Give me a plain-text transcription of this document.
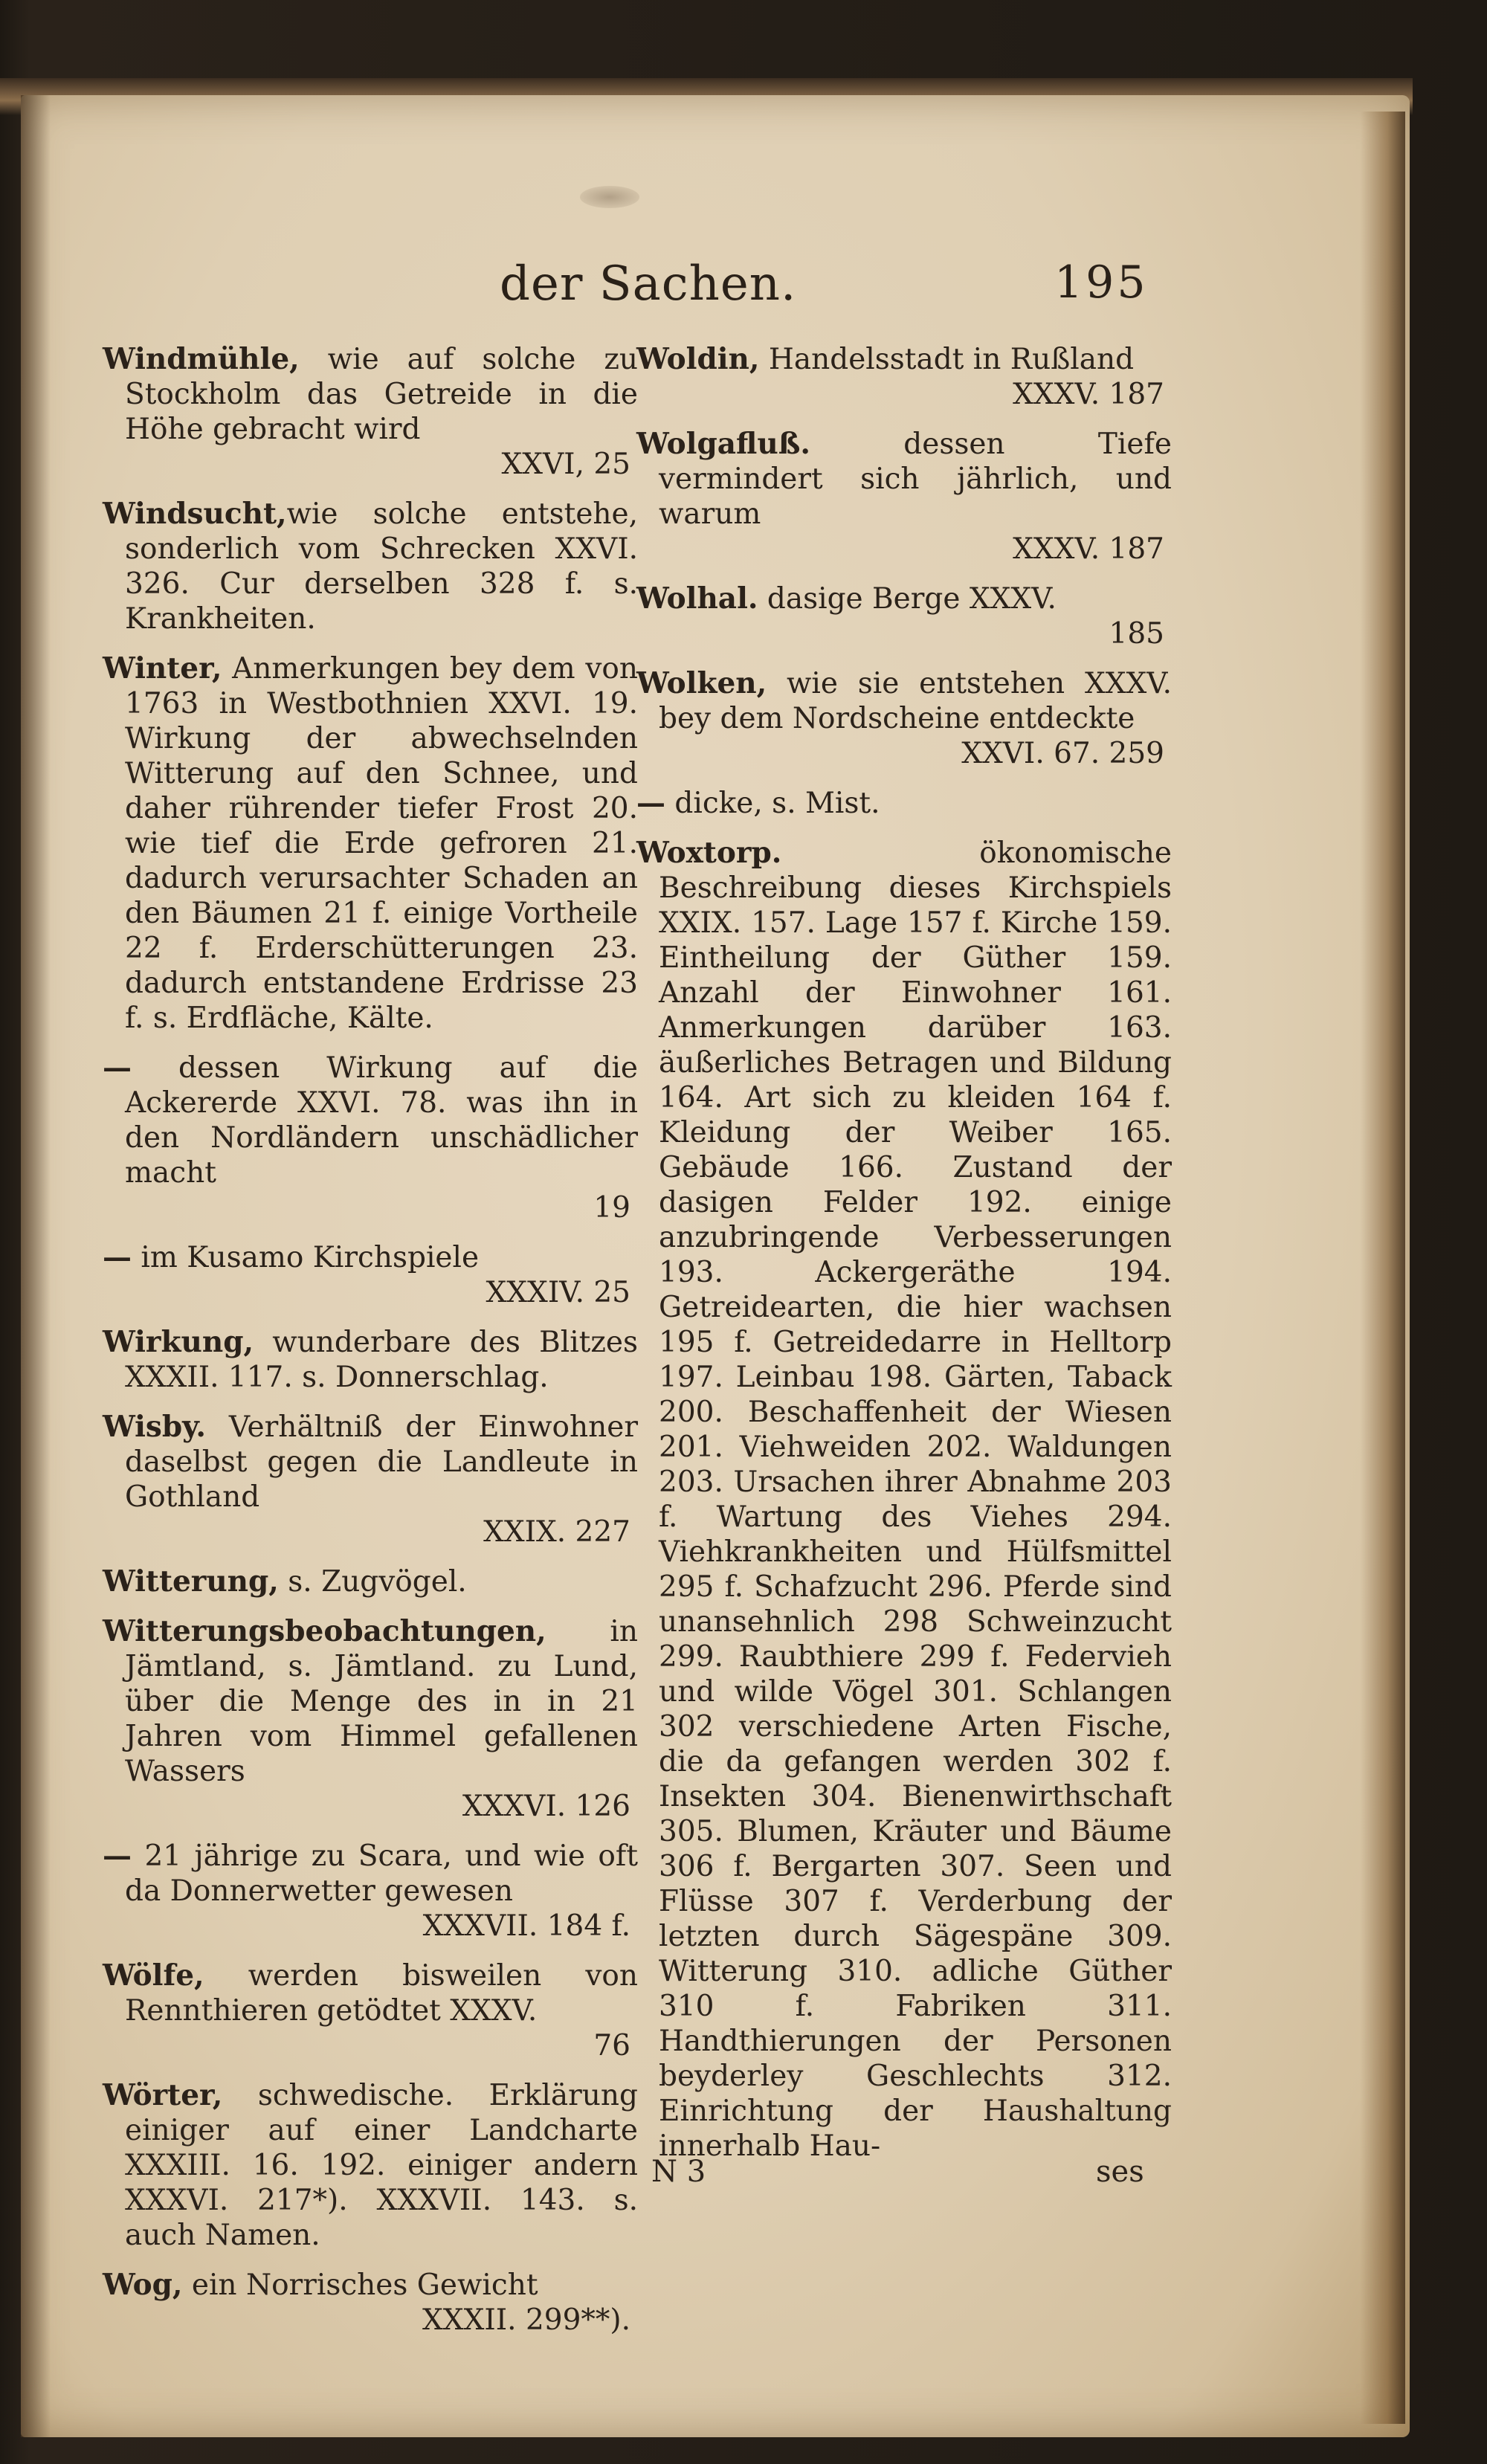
der Sachen.	195
Windmühle, wie auf solche zu Stockholm das Getreide in die Höhe gebracht wird
XXVI, 25
Windsucht,wie solche entstehe, sonderlich vom Schrecken XXVI. 326. Cur derselben 328 f. s. Krankheiten.
Winter, Anmerkungen bey dem von 1763 in Westbothnien XXVI. 19. Wirkung der abwechselnden Witterung auf den Schnee, und daher rührender tiefer Frost 20. wie tief die Erde gefroren 21. dadurch verursachter Schaden an den Bäumen 21 f. einige Vortheile 22 f. Erderschütterungen 23. dadurch entstandene Erdrisse 23 f. s. Erdfläche, Kälte.
— dessen Wirkung auf die Ackererde XXVI. 78. was ihn in den Nordländern unschädlicher macht
19
— im Kusamo Kirchspiele
XXXIV. 25
Wirkung, wunderbare des Blitzes XXXII. 117. s. Donnerschlag.
Wisby. Verhältniß der Einwohner daselbst gegen die Landleute in Gothland
XXIX. 227
Witterung, s. Zugvögel.
Witterungsbeobachtungen, in Jämtland, s. Jämtland. zu Lund, über die Menge des in in 21 Jahren vom Himmel gefallenen Wassers
XXXVI. 126
— 21 jährige zu Scara, und wie oft da Donnerwetter gewesen
XXXVII. 184 f.
Wölfe, werden bisweilen von Rennthieren getödtet XXXV.
76
Wörter, schwedische. Erklärung einiger auf einer Landcharte XXXIII. 16. 192. einiger andern XXXVI. 217*). XXXVII. 143. s. auch Namen.
Wog, ein Norrisches Gewicht
XXXII. 299**).
Woldin, Handelsstadt in Rußland
XXXV. 187
Wolgafluß. dessen Tiefe vermindert sich jährlich, und warum
XXXV. 187
Wolhal. dasige Berge XXXV.
185
Wolken, wie sie entstehen XXXV. bey dem Nordscheine entdeckte
XXVI. 67. 259
— dicke, s. Mist.
Woxtorp. ökonomische Beschreibung dieses Kirchspiels XXIX. 157. Lage 157 f. Kirche 159. Eintheilung der Güther 159. Anzahl der Einwohner 161. Anmerkungen darüber 163. äußerliches Betragen und Bildung 164. Art sich zu kleiden 164 f. Kleidung der Weiber 165. Gebäude 166. Zustand der dasigen Felder 192. einige anzubringende Verbesserungen 193. Ackergeräthe 194. Getreidearten, die hier wachsen 195 f. Getreidedarre in Helltorp 197. Leinbau 198. Gärten, Taback 200. Beschaffenheit der Wiesen 201. Viehweiden 202. Waldungen 203. Ursachen ihrer Abnahme 203 f. Wartung des Viehes 294. Viehkrankheiten und Hülfsmittel 295 f. Schafzucht 296. Pferde sind unansehnlich 298 Schweinzucht 299. Raubthiere 299 f. Federvieh und wilde Vögel 301. Schlangen 302 verschiedene Arten Fische, die da gefangen werden 302 f. Insekten 304. Bienenwirthschaft 305. Blumen, Kräuter und Bäume 306 f. Bergarten 307. Seen und Flüsse 307 f. Verderbung der letzten durch Sägespäne 309. Witterung 310. adliche Güther 310 f. Fabriken 311. Handthierungen der Personen beyderley Geschlechts 312. Einrichtung der Haushaltung innerhalb Hau-
N 3	ses
